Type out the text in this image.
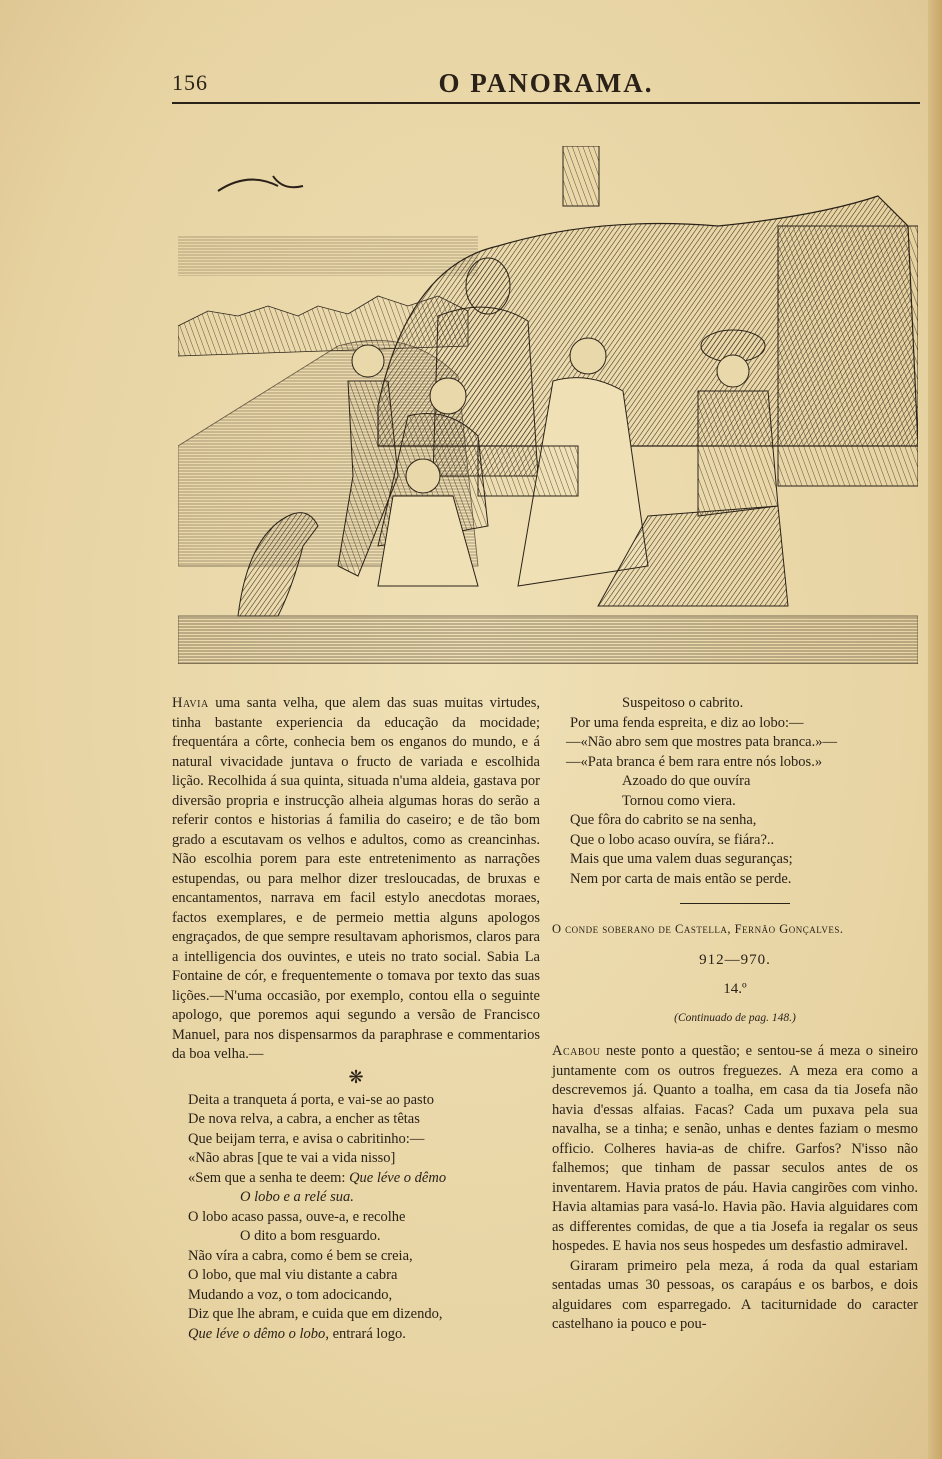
156	O PANORAMA.

Havia uma santa velha, que alem das suas muitas virtudes, tinha bastante experiencia da educação da mocidade; frequentára a côrte, conhecia bem os enganos do mundo, e á natural vivacidade juntava o fructo de variada e escolhida lição. Recolhida á sua quinta, situada n'uma aldeia, gastava por diversão propria e instrucção alheia algumas horas do serão a referir contos e historias á familia do caseiro; e de tão bom grado a escutavam os velhos e adultos, como as creancinhas. Não escolhia porem para este entretenimento as narrações estupendas, ou para melhor dizer tresloucadas, de bruxas e encantamentos, narrava em facil estylo anecdotas moraes, factos exemplares, e de permeio mettia alguns apologos engraçados, de que sempre resultavam aphorismos, claros para a intelligencia dos ouvintes, e uteis no trato social. Sabia La Fontaine de cór, e frequentemente o tomava por texto das suas lições.—N'uma occasião, por exemplo, contou ella o seguinte apologo, que poremos aqui segundo a versão de Francisco Manuel, para nos dispensarmos da paraphrase e commentarios da boa velha.—

❋
Deita a tranqueta á porta, e vai-se ao pasto
De nova relva, a cabra, a encher as têtas
Que beijam terra, e avisa o cabritinho:—
«Não abras [que te vai a vida nisso]
«Sem que a senha te deem: Que léve o dêmo
O lobo e a relé sua.
O lobo acaso passa, ouve-a, e recolhe
O dito a bom resguardo.
Não víra a cabra, como é bem se creia,
O lobo, que mal viu distante a cabra
Mudando a voz, o tom adocicando,
Diz que lhe abram, e cuida que em dizendo,
Que léve o dêmo o lobo, entrará logo.
Suspeitoso o cabrito.
Por uma fenda espreita, e diz ao lobo:—
—«Não abro sem que mostres pata branca.»—
—«Pata branca é bem rara entre nós lobos.»
Azoado do que ouvíra
Tornou como viera.
Que fôra do cabrito se na senha,
Que o lobo acaso ouvíra, se fiára?..
Mais que uma valem duas seguranças;
Nem por carta de mais então se perde.

O conde soberano de Castella, Fernão Gonçalves.

912—970.
14.º
(Continuado de pag. 148.)

Acabou neste ponto a questão; e sentou-se á meza o sineiro juntamente com os outros freguezes. A meza era como a descrevemos já. Quanto a toalha, em casa da tia Josefa não havia d'essas alfaias. Facas? Cada um puxava pela sua navalha, se a tinha; e senão, unhas e dentes faziam o mesmo officio. Colheres havia-as de chifre. Garfos? N'isso não falhemos; que tinham de passar seculos antes de os inventarem. Havia pratos de páu. Havia cangirões com vinho. Havia altamias para vasá-lo. Havia pão. Havia alguidares com as differentes comidas, de que a tia Josefa ia regalar os seus hospedes. E havia nos seus hospedes um desfastio admiravel.

Giraram primeiro pela meza, á roda da qual estariam sentadas umas 30 pessoas, os carapáus e os barbos, e dois alguidares com esparregado. A taciturnidade do caracter castelhano ia pouco e pou-
